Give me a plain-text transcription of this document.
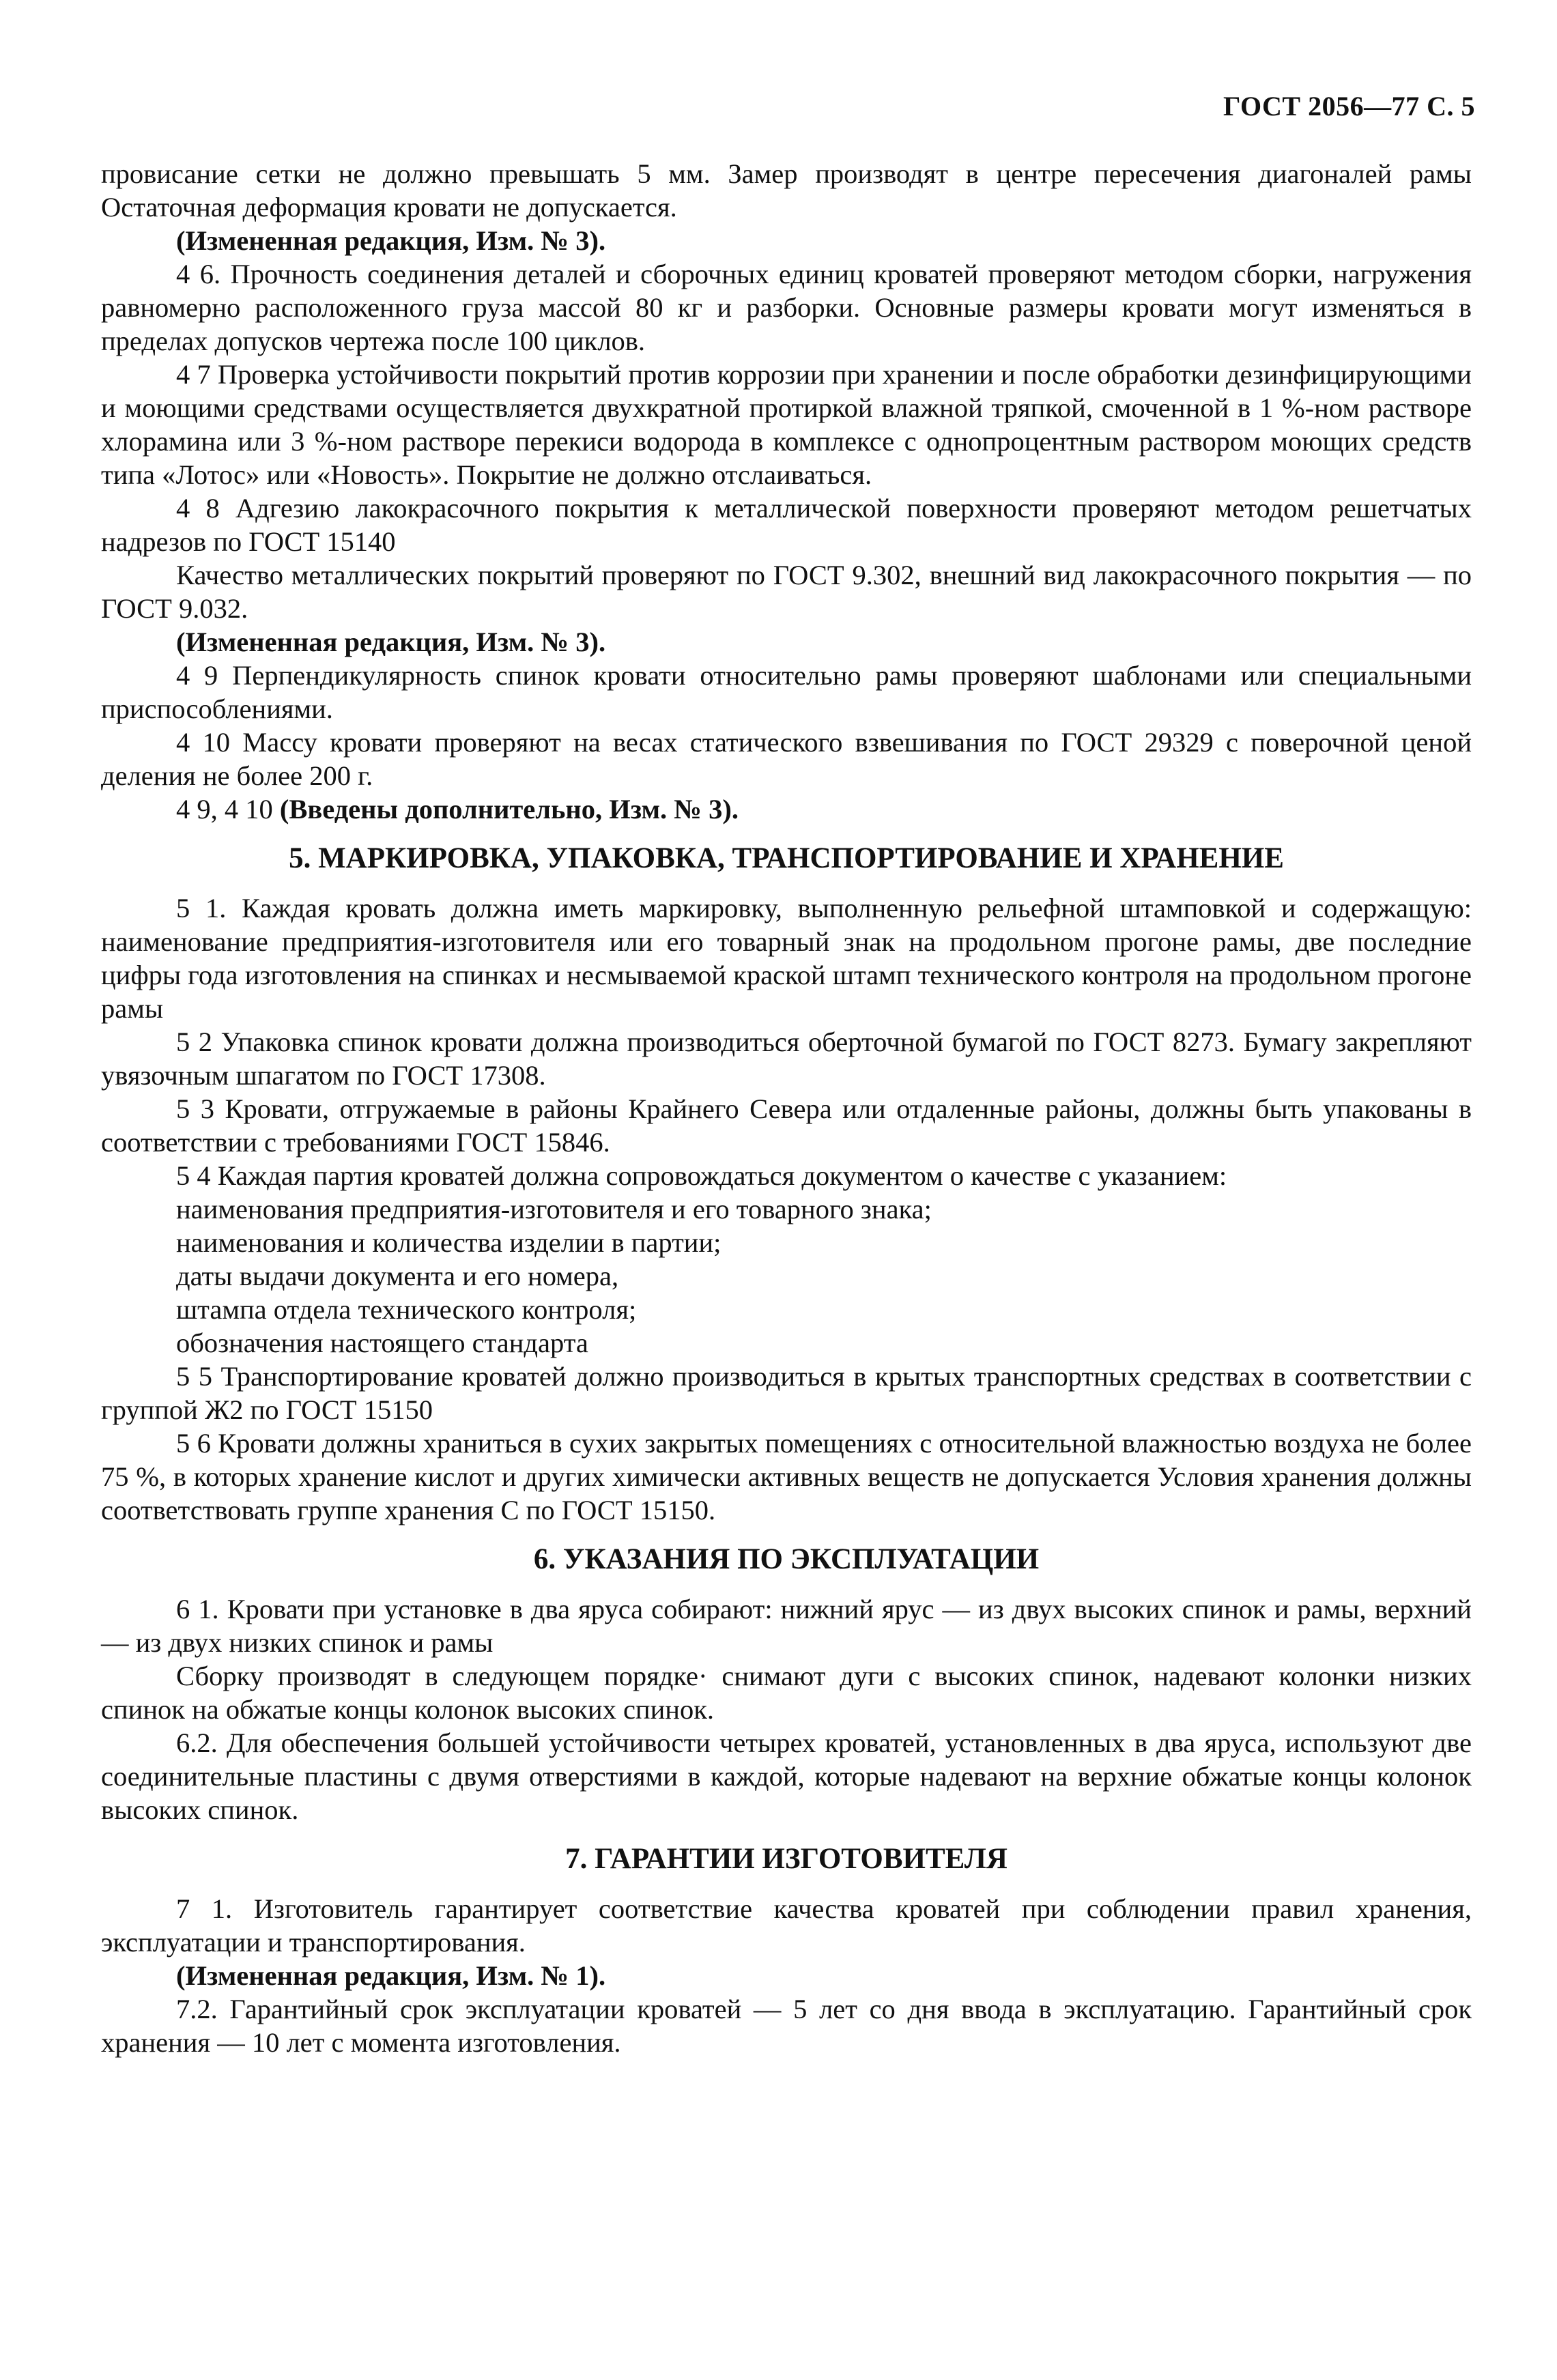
ГОСТ 2056—77 С. 5

провисание сетки не должно превышать 5 мм. Замер производят в центре пересечения диагоналей рамы Остаточная деформация кровати не допускается.

(Измененная редакция, Изм. № 3).

4 6. Прочность соединения деталей и сборочных единиц кроватей проверяют методом сборки, нагружения равномерно расположенного груза массой 80 кг и разборки. Основные размеры кровати могут изменяться в пределах допусков чертежа после 100 циклов.

4 7 Проверка устойчивости покрытий против коррозии при хранении и после обработки дезинфицирующими и моющими средствами осуществляется двухкратной протиркой влажной тряпкой, смоченной в 1 %-ном растворе хлорамина или 3 %-ном растворе перекиси водорода в комплексе с однопроцентным раствором моющих средств типа «Лотос» или «Новость». Покрытие не должно отслаиваться.

4 8 Адгезию лакокрасочного покрытия к металлической поверхности проверяют методом решетчатых надрезов по ГОСТ 15140

Качество металлических покрытий проверяют по ГОСТ 9.302, внешний вид лакокрасочного покрытия — по ГОСТ 9.032.

(Измененная редакция, Изм. № 3).

4 9 Перпендикулярность спинок кровати относительно рамы проверяют шаблонами или специальными приспособлениями.

4 10 Массу кровати проверяют на весах статического взвешивания по ГОСТ 29329 с поверочной ценой деления не более 200 г.

4 9, 4 10 (Введены дополнительно, Изм. № 3).

5. МАРКИРОВКА, УПАКОВКА, ТРАНСПОРТИРОВАНИЕ И ХРАНЕНИЕ

5 1. Каждая кровать должна иметь маркировку, выполненную рельефной штамповкой и содержащую: наименование предприятия-изготовителя или его товарный знак на продольном прогоне рамы, две последние цифры года изготовления на спинках и несмываемой краской штамп технического контроля на продольном прогоне рамы

5 2 Упаковка спинок кровати должна производиться оберточной бумагой по ГОСТ 8273. Бумагу закрепляют увязочным шпагатом по ГОСТ 17308.

5 3 Кровати, отгружаемые в районы Крайнего Севера или отдаленные районы, должны быть упакованы в соответствии с требованиями ГОСТ 15846.

5 4 Каждая партия кроватей должна сопровождаться документом о качестве с указанием:

наименования предприятия-изготовителя и его товарного знака;

наименования и количества изделии в партии;

даты выдачи документа и его номера,

штампа отдела технического контроля;

обозначения настоящего стандарта

5 5 Транспортирование кроватей должно производиться в крытых транспортных средствах в соответствии с группой Ж2 по ГОСТ 15150

5 6 Кровати должны храниться в сухих закрытых помещениях с относительной влажностью воздуха не более 75 %, в которых хранение кислот и других химически активных веществ не допускается Условия хранения должны соответствовать группе хранения С по ГОСТ 15150.

6. УКАЗАНИЯ ПО ЭКСПЛУАТАЦИИ

6 1. Кровати при установке в два яруса собирают: нижний ярус — из двух высоких спинок и рамы, верхний — из двух низких спинок и рамы

Сборку производят в следующем порядке· снимают дуги с высоких спинок, надевают колонки низких спинок на обжатые концы колонок высоких спинок.

6.2. Для обеспечения большей устойчивости четырех кроватей, установленных в два яруса, используют две соединительные пластины с двумя отверстиями в каждой, которые надевают на верхние обжатые концы колонок высоких спинок.

7. ГАРАНТИИ ИЗГОТОВИТЕЛЯ

7 1. Изготовитель гарантирует соответствие качества кроватей при соблюдении правил хранения, эксплуатации и транспортирования.

(Измененная редакция, Изм. № 1).

7.2. Гарантийный срок эксплуатации кроватей — 5 лет со дня ввода в эксплуатацию. Гарантийный срок хранения — 10 лет с момента изготовления.
